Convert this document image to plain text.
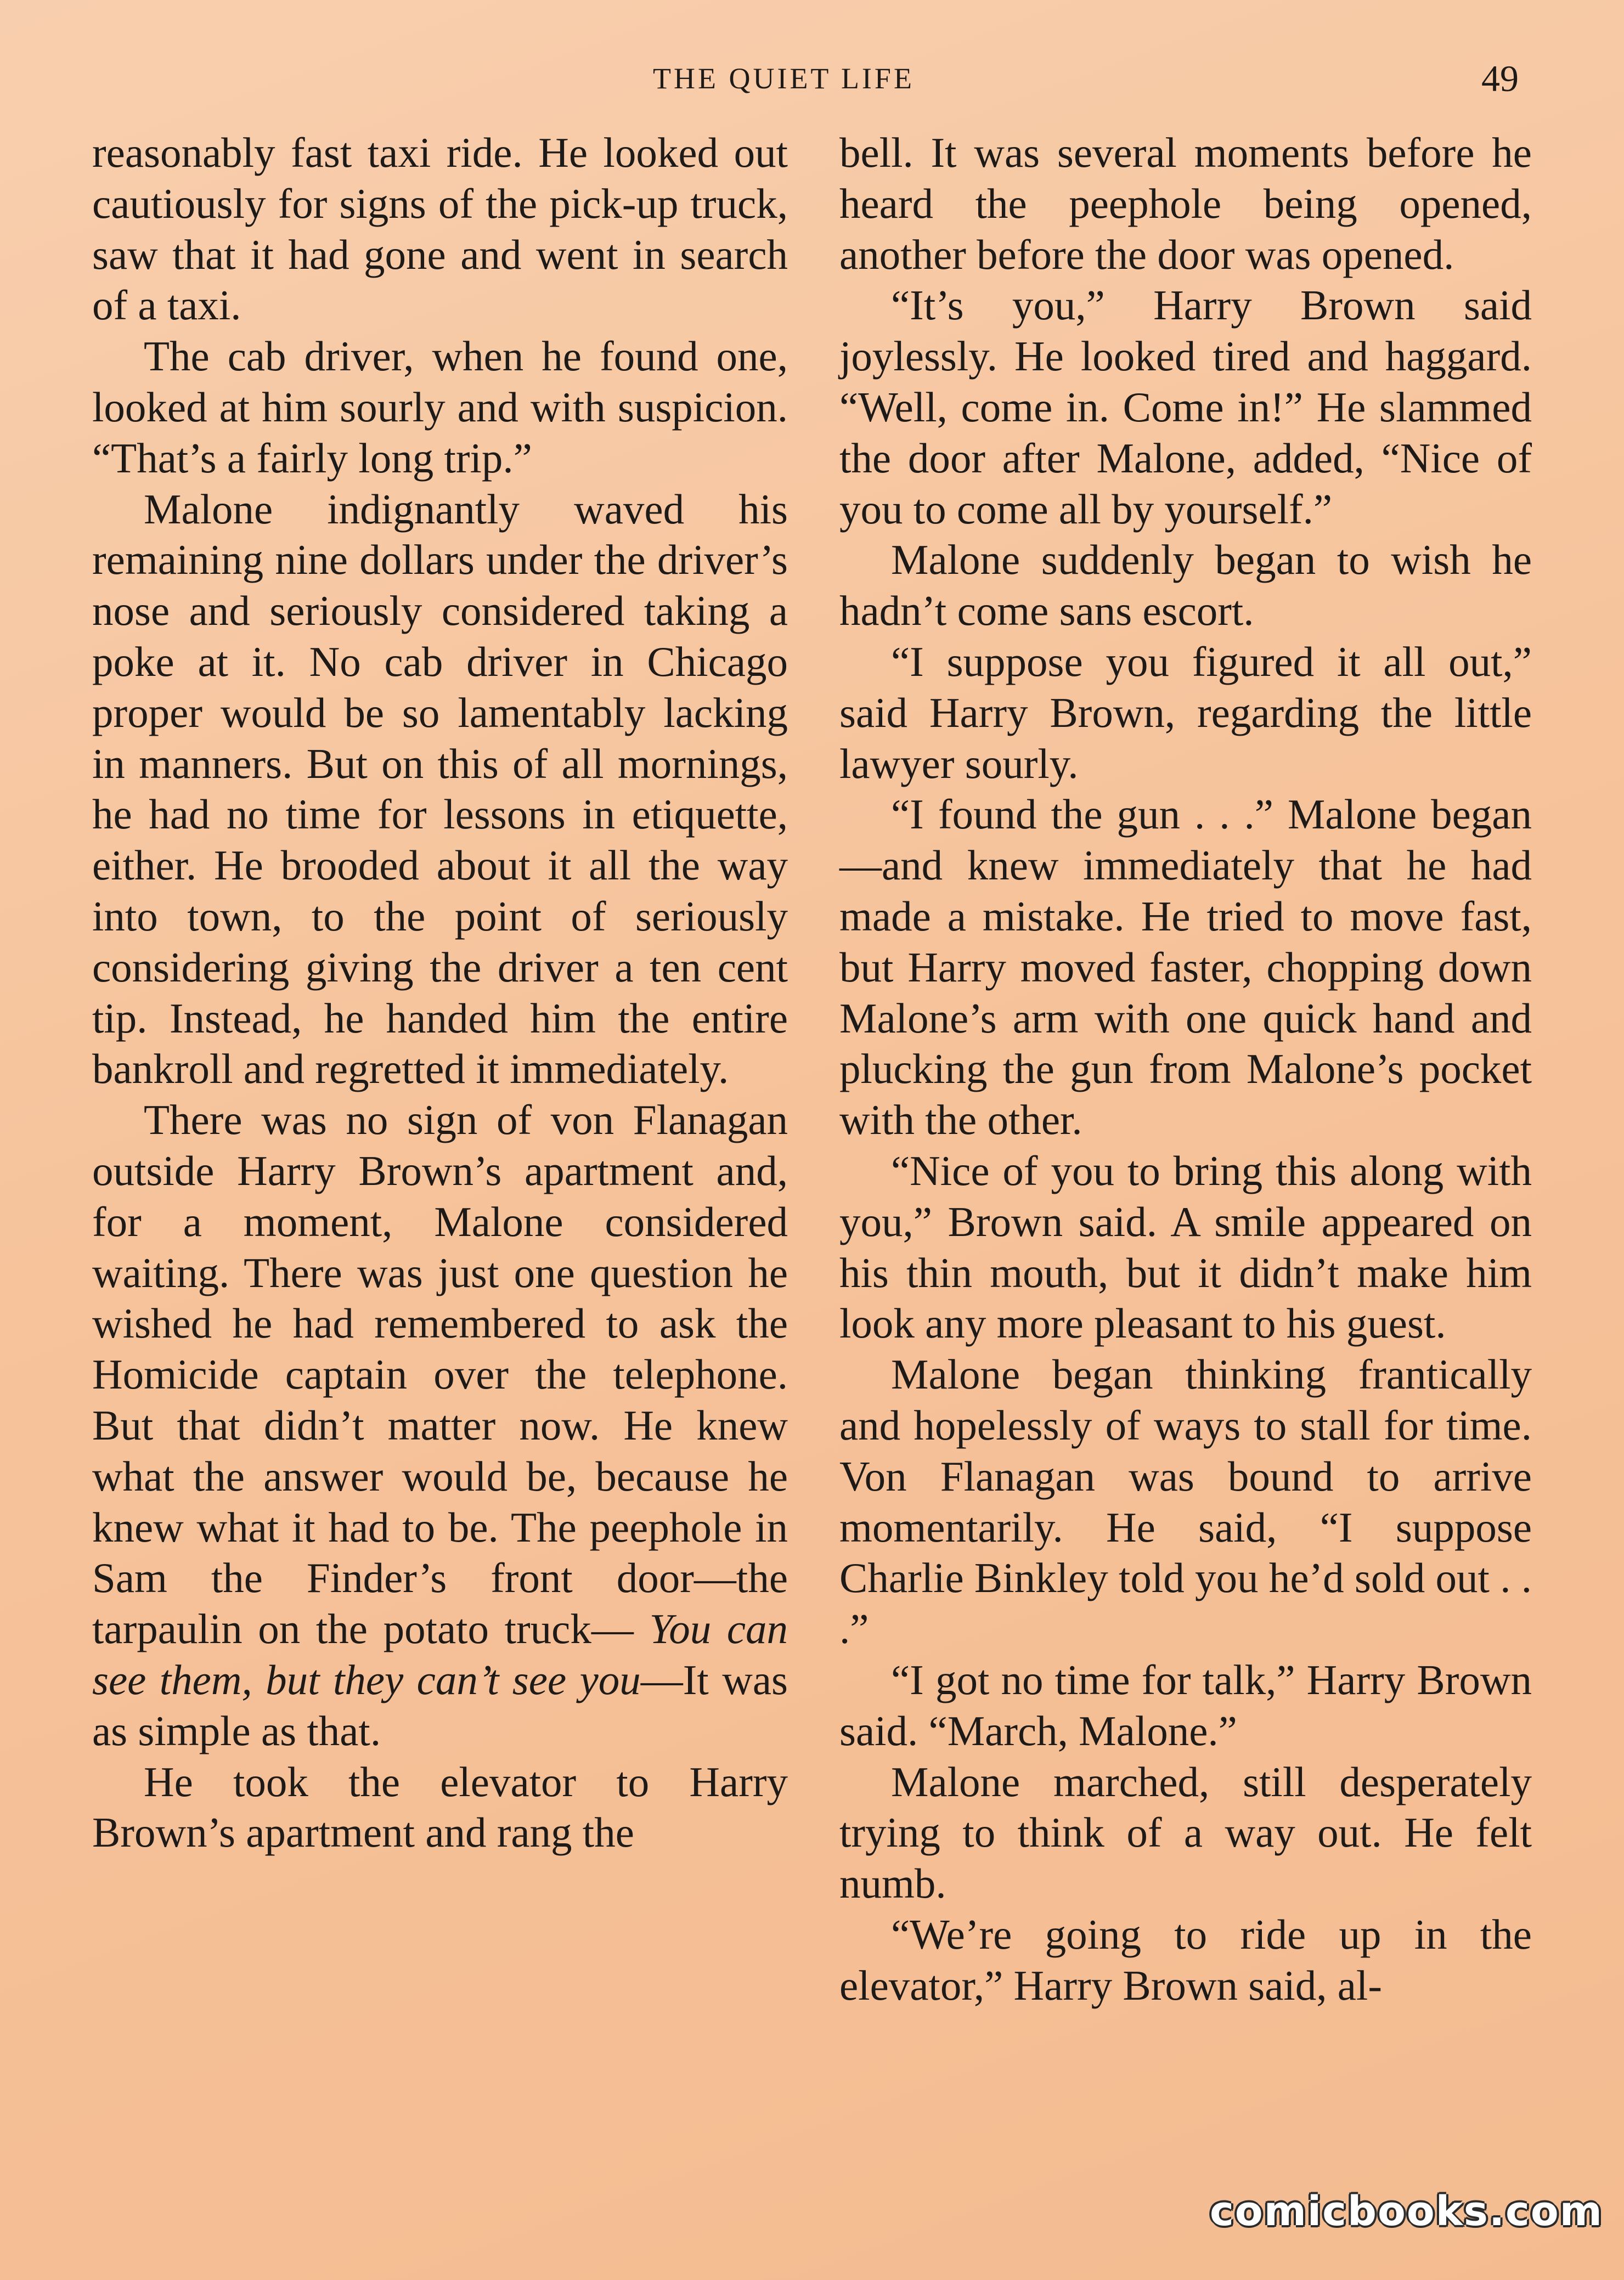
THE QUIET LIFE	49

reasonably fast taxi ride. He looked out cautiously for signs of the pick-up truck, saw that it had gone and went in search of a taxi.

The cab driver, when he found one, looked at him sourly and with suspicion. “That’s a fairly long trip.”

Malone indignantly waved his remaining nine dollars under the driver’s nose and seriously considered taking a poke at it. No cab driver in Chicago proper would be so lamentably lacking in manners. But on this of all mornings, he had no time for lessons in etiquette, either. He brooded about it all the way into town, to the point of seriously considering giving the driver a ten cent tip. Instead, he handed him the entire bankroll and regretted it immediately.

There was no sign of von Flanagan outside Harry Brown’s apartment and, for a moment, Malone considered waiting. There was just one question he wished he had remembered to ask the Homicide captain over the telephone. But that didn’t matter now. He knew what the answer would be, because he knew what it had to be. The peephole in Sam the Finder’s front door—the tarpaulin on the potato truck— You can see them, but they can’t see you—It was as simple as that.

He took the elevator to Harry Brown’s apartment and rang the

bell. It was several moments before he heard the peephole being opened, another before the door was opened.

“It’s you,” Harry Brown said joylessly. He looked tired and haggard. “Well, come in. Come in!” He slammed the door after Malone, added, “Nice of you to come all by yourself.”

Malone suddenly began to wish he hadn’t come sans escort.

“I suppose you figured it all out,” said Harry Brown, regarding the little lawyer sourly.

“I found the gun . . .” Malone began—and knew immediately that he had made a mistake. He tried to move fast, but Harry moved faster, chopping down Malone’s arm with one quick hand and plucking the gun from Malone’s pocket with the other.

“Nice of you to bring this along with you,” Brown said. A smile appeared on his thin mouth, but it didn’t make him look any more pleasant to his guest.

Malone began thinking frantically and hopelessly of ways to stall for time. Von Flanagan was bound to arrive momentarily. He said, “I suppose Charlie Binkley told you he’d sold out . . .”

“I got no time for talk,” Harry Brown said. “March, Malone.”

Malone marched, still desperately trying to think of a way out. He felt numb.

“We’re going to ride up in the elevator,” Harry Brown said, al-

comicbooks.com
